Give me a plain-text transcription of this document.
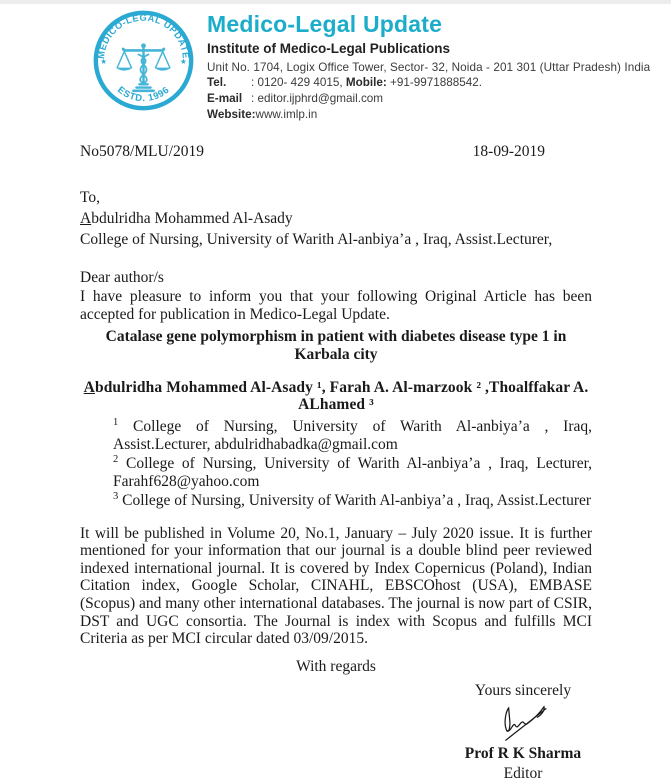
MEDICO-LEGAL UPDATE
ESTD. 1996
★	★
Medico-Legal Update
Institute of Medico-Legal Publications
Unit No. 1704, Logix Office Tower, Sector- 32, Noida - 201 301 (Uttar Pradesh) India
Tel. : 0120- 429 4015, Mobile: +91-9971888542.
E-mail : editor.ijphrd@gmail.com
Website:www.imlp.in
No5078/MLU/2019	18-09-2019

To,

Abdulridha Mohammed Al-Asady

College of Nursing, University of Warith Al-anbiya’a , Iraq, Assist.Lecturer,

Dear author/s

I have pleasure to inform you that your following Original Article has been accepted for publication in Medico-Legal Update.

Catalase gene polymorphism in patient with diabetes disease type 1 in Karbala city

Abdulridha Mohammed Al-Asady ¹, Farah A. Al-marzook ² ,Thoalffakar A. ALhamed ³

$^1$ College of Nursing, University of Warith Al-anbiya’a , Iraq, Assist.Lecturer, abdulridhabadka@gmail.com

$^2$ College of Nursing, University of Warith Al-anbiya’a , Iraq, Lecturer, Farahf628@yahoo.com

$^3$ College of Nursing, University of Warith Al-anbiya’a , Iraq, Assist.Lecturer

It will be published in Volume 20, No.1, January – July 2020 issue. It is further mentioned for your information that our journal is a double blind peer reviewed indexed international journal. It is covered by Index Copernicus (Poland), Indian Citation index, Google Scholar, CINAHL, EBSCOhost (USA), EMBASE (Scopus) and many other international databases. The journal is now part of CSIR, DST and UGC consortia. The Journal is index with Scopus and fulfills MCI Criteria as per MCI circular dated 03/09/2015.

With regards

Yours sincerely

Prof R K Sharma

Editor
